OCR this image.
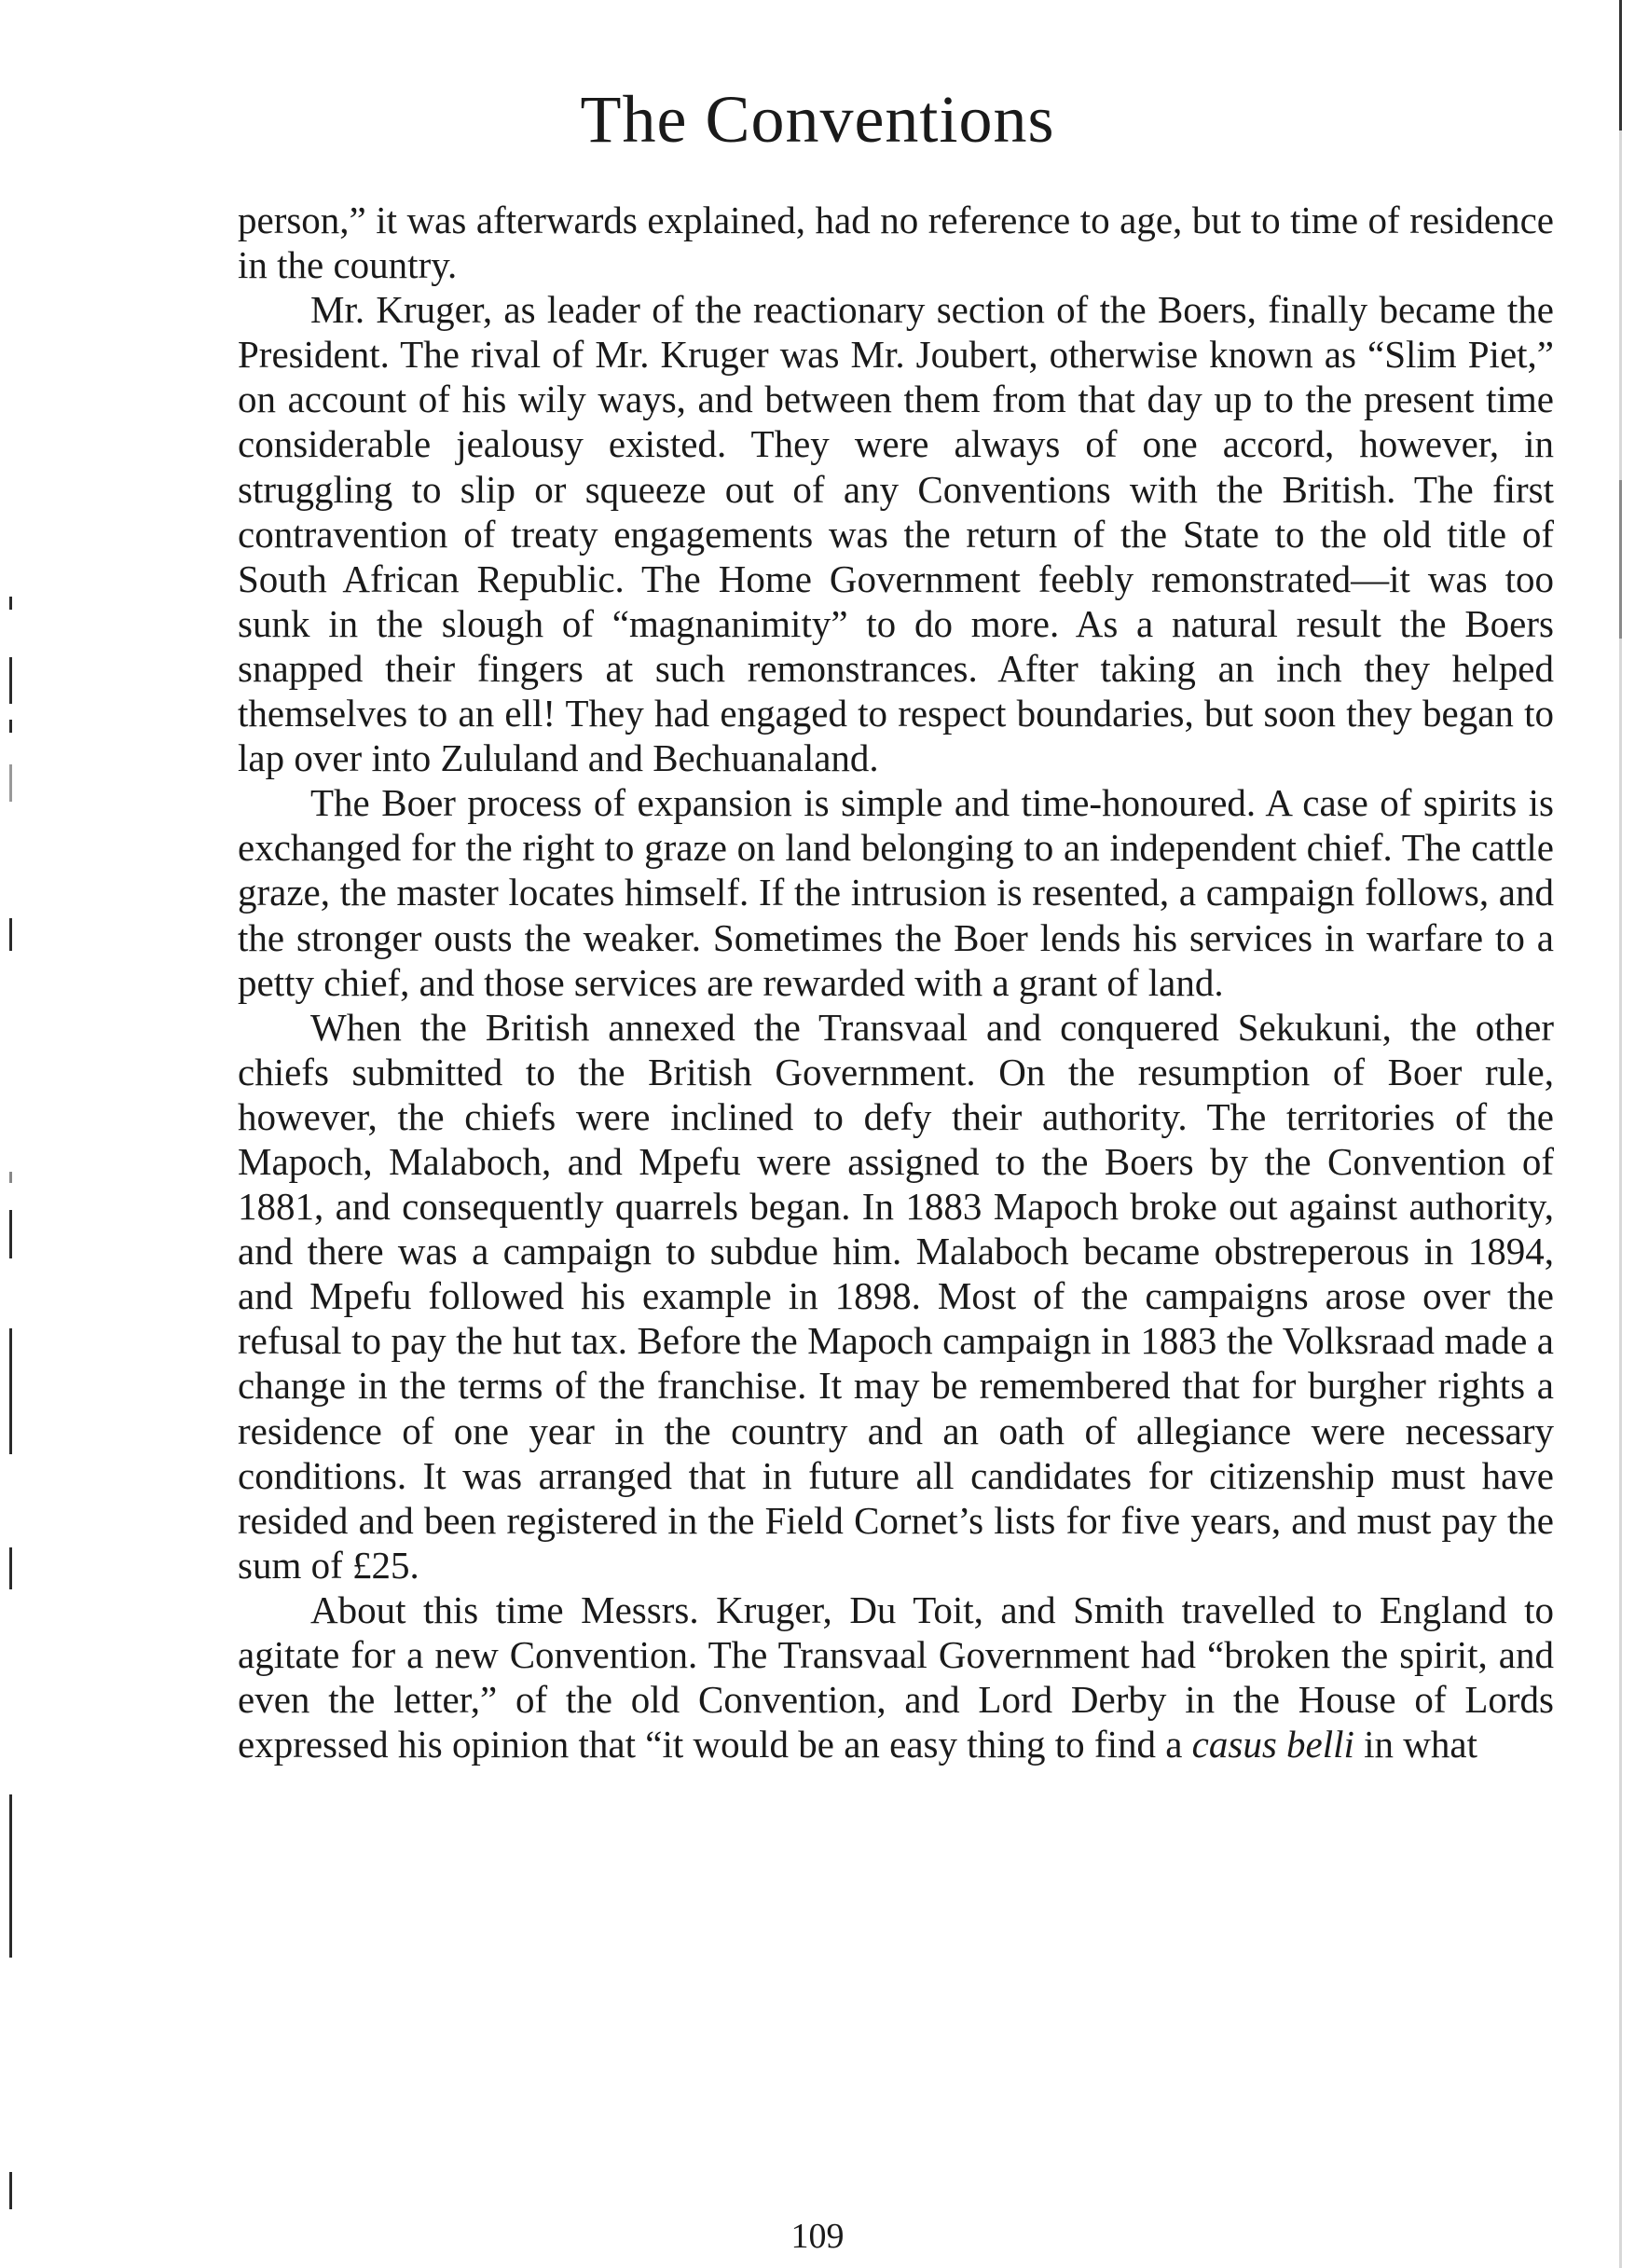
The Conventions

person,” it was afterwards explained, had no reference to age, but to time of residence in the country.

Mr. Kruger, as leader of the reactionary section of the Boers, finally became the President. The rival of Mr. Kruger was Mr. Joubert, otherwise known as “Slim Piet,” on account of his wily ways, and between them from that day up to the present time considerable jealousy existed. They were always of one accord, however, in struggling to slip or squeeze out of any Conventions with the British. The first contravention of treaty engagements was the return of the State to the old title of South African Republic. The Home Government feebly remonstrated—it was too sunk in the slough of “magnanimity” to do more. As a natural result the Boers snapped their fingers at such remonstrances. After taking an inch they helped themselves to an ell! They had engaged to respect boundaries, but soon they began to lap over into Zululand and Bechuanaland.

The Boer process of expansion is simple and time-honoured. A case of spirits is exchanged for the right to graze on land belonging to an independent chief. The cattle graze, the master locates himself. If the intrusion is resented, a campaign follows, and the stronger ousts the weaker. Sometimes the Boer lends his services in warfare to a petty chief, and those services are rewarded with a grant of land.

When the British annexed the Transvaal and conquered Sekukuni, the other chiefs submitted to the British Government. On the resumption of Boer rule, however, the chiefs were inclined to defy their authority. The territories of the Mapoch, Malaboch, and Mpefu were assigned to the Boers by the Convention of 1881, and consequently quarrels began. In 1883 Mapoch broke out against authority, and there was a campaign to subdue him. Malaboch became obstreperous in 1894, and Mpefu followed his example in 1898. Most of the campaigns arose over the refusal to pay the hut tax. Before the Mapoch campaign in 1883 the Volksraad made a change in the terms of the franchise. It may be remembered that for burgher rights a residence of one year in the country and an oath of allegiance were necessary conditions. It was arranged that in future all candidates for citizenship must have resided and been registered in the Field Cornet’s lists for five years, and must pay the sum of £25.

About this time Messrs. Kruger, Du Toit, and Smith travelled to England to agitate for a new Convention. The Transvaal Government had “broken the spirit, and even the letter,” of the old Convention, and Lord Derby in the House of Lords expressed his opinion that “it would be an easy thing to find a casus belli in what

109
